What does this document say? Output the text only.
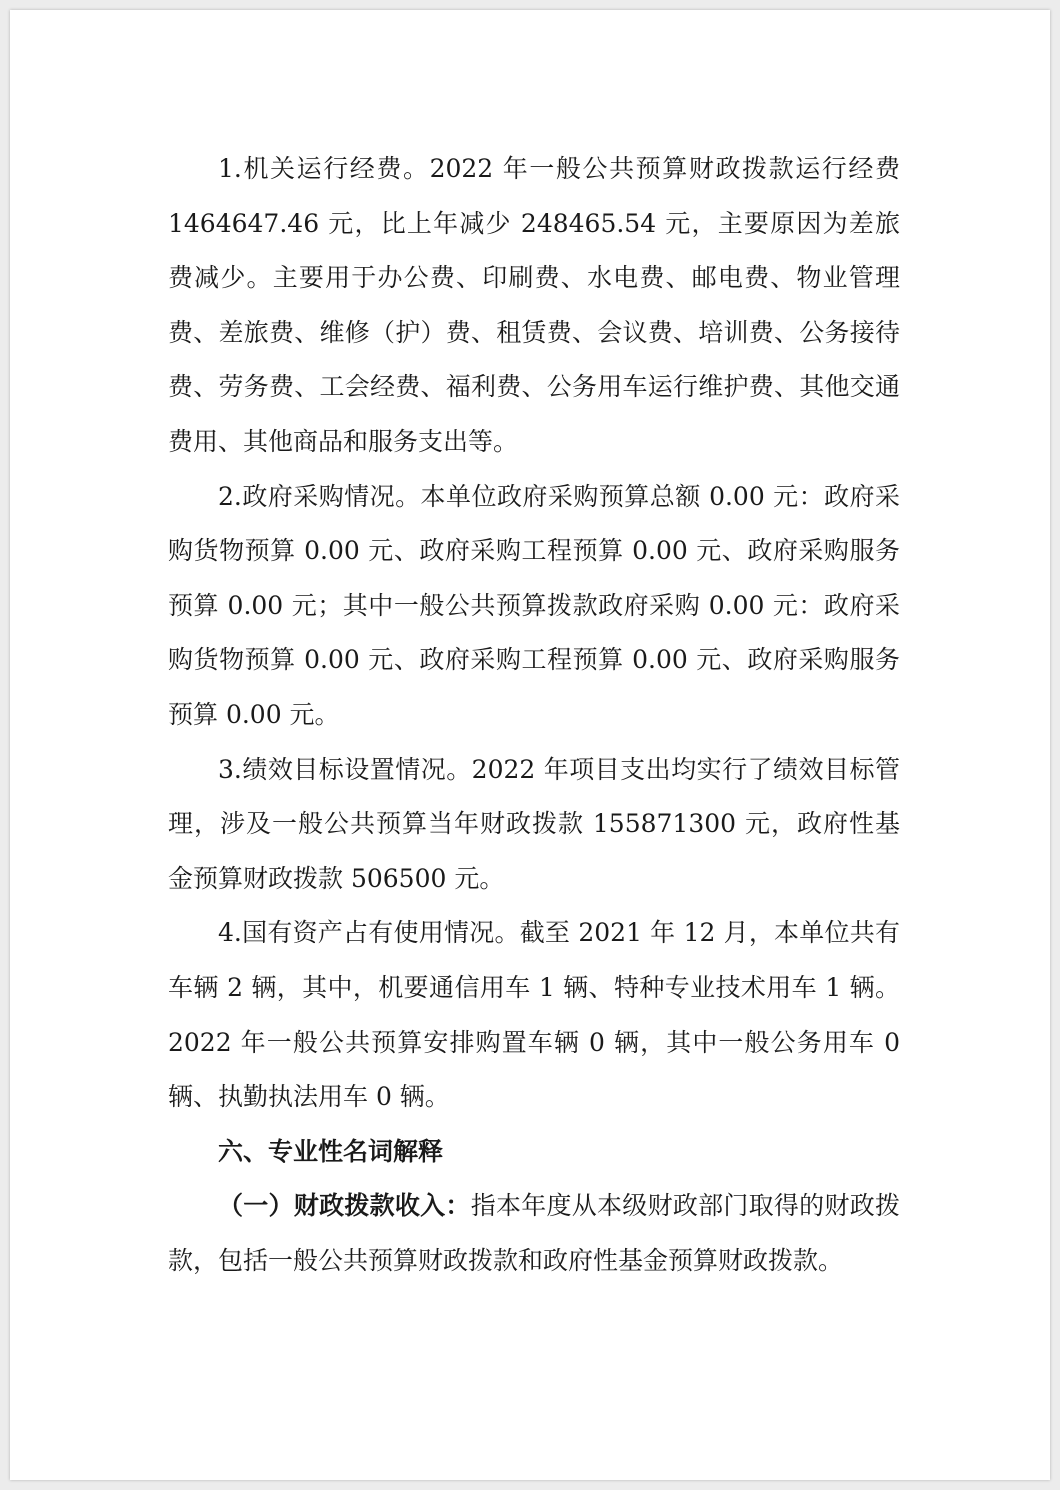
1.机关运行经费。2022 年一般公共预算财政拨款运行经费 1464647.46 元，比上年减少 248465.54 元，主要原因为差旅费减少。主要用于办公费、印刷费、水电费、邮电费、物业管理费、差旅费、维修（护）费、租赁费、会议费、培训费、公务接待费、劳务费、工会经费、福利费、公务用车运行维护费、其他交通费用、其他商品和服务支出等。

2.政府采购情况。本单位政府采购预算总额 0.00 元：政府采购货物预算 0.00 元、政府采购工程预算 0.00 元、政府采购服务预算 0.00 元；其中一般公共预算拨款政府采购 0.00 元：政府采购货物预算 0.00 元、政府采购工程预算 0.00 元、政府采购服务预算 0.00 元。

3.绩效目标设置情况。2022 年项目支出均实行了绩效目标管理，涉及一般公共预算当年财政拨款 155871300 元，政府性基金预算财政拨款 506500 元。

4.国有资产占有使用情况。截至 2021 年 12 月，本单位共有车辆 2 辆，其中，机要通信用车 1 辆、特种专业技术用车 1 辆。2022 年一般公共预算安排购置车辆 0 辆，其中一般公务用车 0 辆、执勤执法用车 0 辆。

六、专业性名词解释

（一）财政拨款收入：指本年度从本级财政部门取得的财政拨款，包括一般公共预算财政拨款和政府性基金预算财政拨款。
